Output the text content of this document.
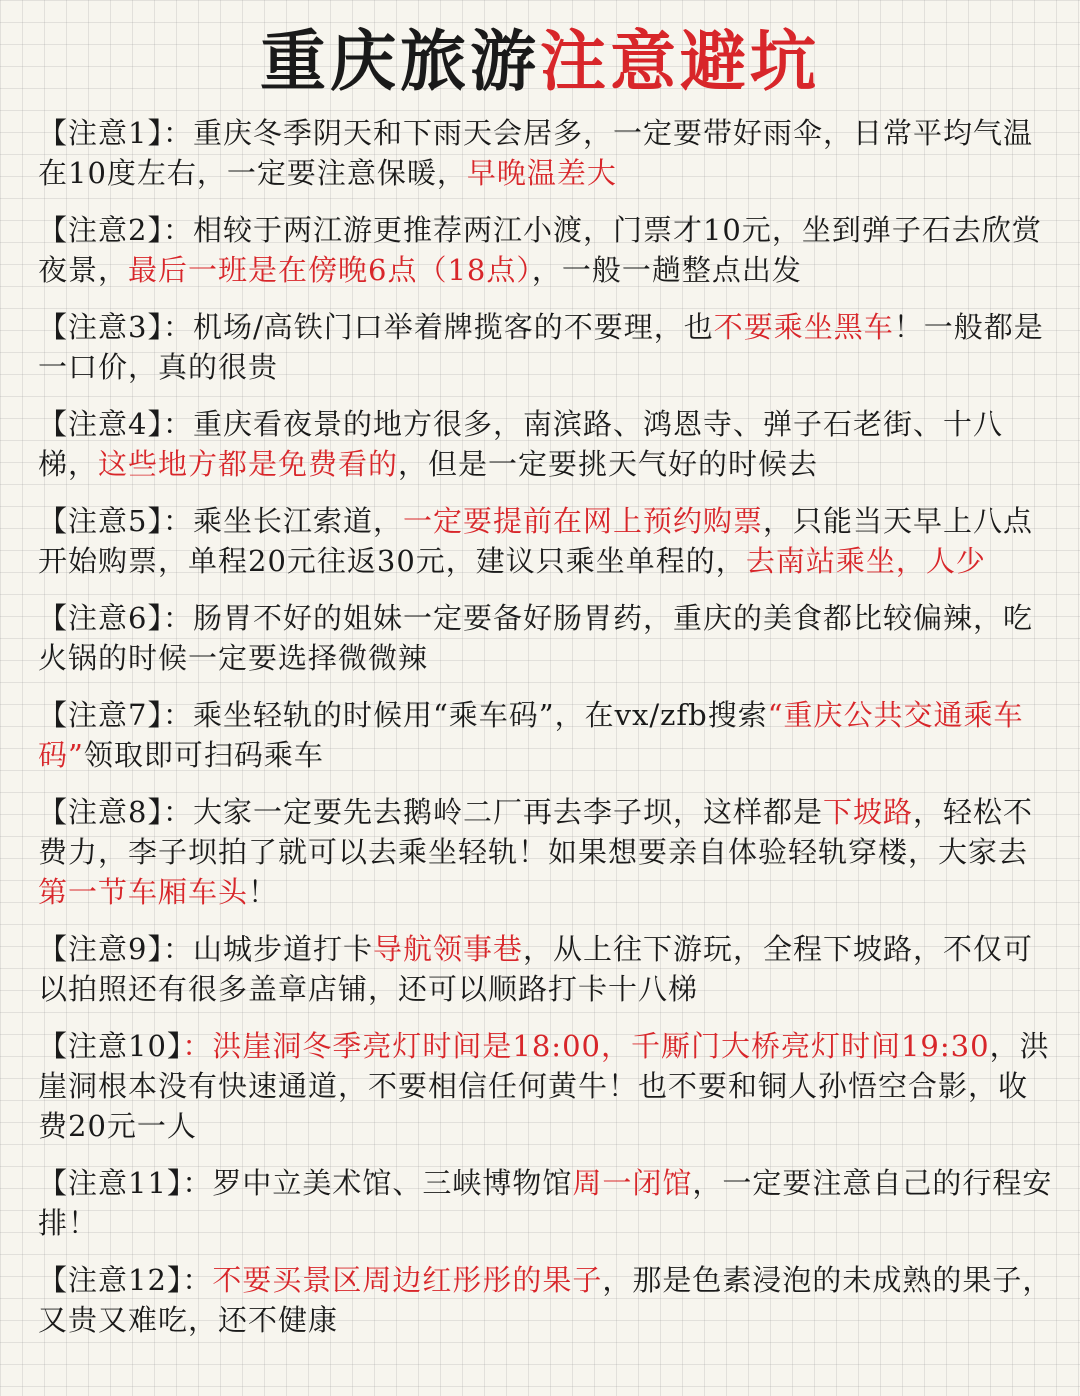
重庆旅游注意避坑
【注意1】：重庆冬季阴天和下雨天会居多，一定要带好雨伞，日常平均气温在10度左右，一定要注意保暖，早晚温差大
【注意2】：相较于两江游更推荐两江小渡，门票才10元，坐到弹子石去欣赏夜景，最后一班是在傍晚6点（18点），一般一趟整点出发
【注意3】：机场/高铁门口举着牌揽客的不要理，也不要乘坐黑车！一般都是一口价，真的很贵
【注意4】：重庆看夜景的地方很多，南滨路、鸿恩寺、弹子石老街、十八梯，这些地方都是免费看的，但是一定要挑天气好的时候去
【注意5】：乘坐长江索道，一定要提前在网上预约购票，只能当天早上八点开始购票，单程20元往返30元，建议只乘坐单程的，去南站乘坐，人少
【注意6】：肠胃不好的姐妹一定要备好肠胃药，重庆的美食都比较偏辣，吃火锅的时候一定要选择微微辣
【注意7】：乘坐轻轨的时候用“乘车码”，在vx/zfb搜索“重庆公共交通乘车码”领取即可扫码乘车
【注意8】：大家一定要先去鹅岭二厂再去李子坝，这样都是下坡路，轻松不费力，李子坝拍了就可以去乘坐轻轨！如果想要亲自体验轻轨穿楼，大家去第一节车厢车头！
【注意9】：山城步道打卡导航领事巷，从上往下游玩，全程下坡路，不仅可以拍照还有很多盖章店铺，还可以顺路打卡十八梯
【注意10】：洪崖洞冬季亮灯时间是18:00，千厮门大桥亮灯时间19:30，洪崖洞根本没有快速通道，不要相信任何黄牛！也不要和铜人孙悟空合影，收费20元一人
【注意11】：罗中立美术馆、三峡博物馆周一闭馆，一定要注意自己的行程安排！
【注意12】：不要买景区周边红彤彤的果子，那是色素浸泡的未成熟的果子，又贵又难吃，还不健康
